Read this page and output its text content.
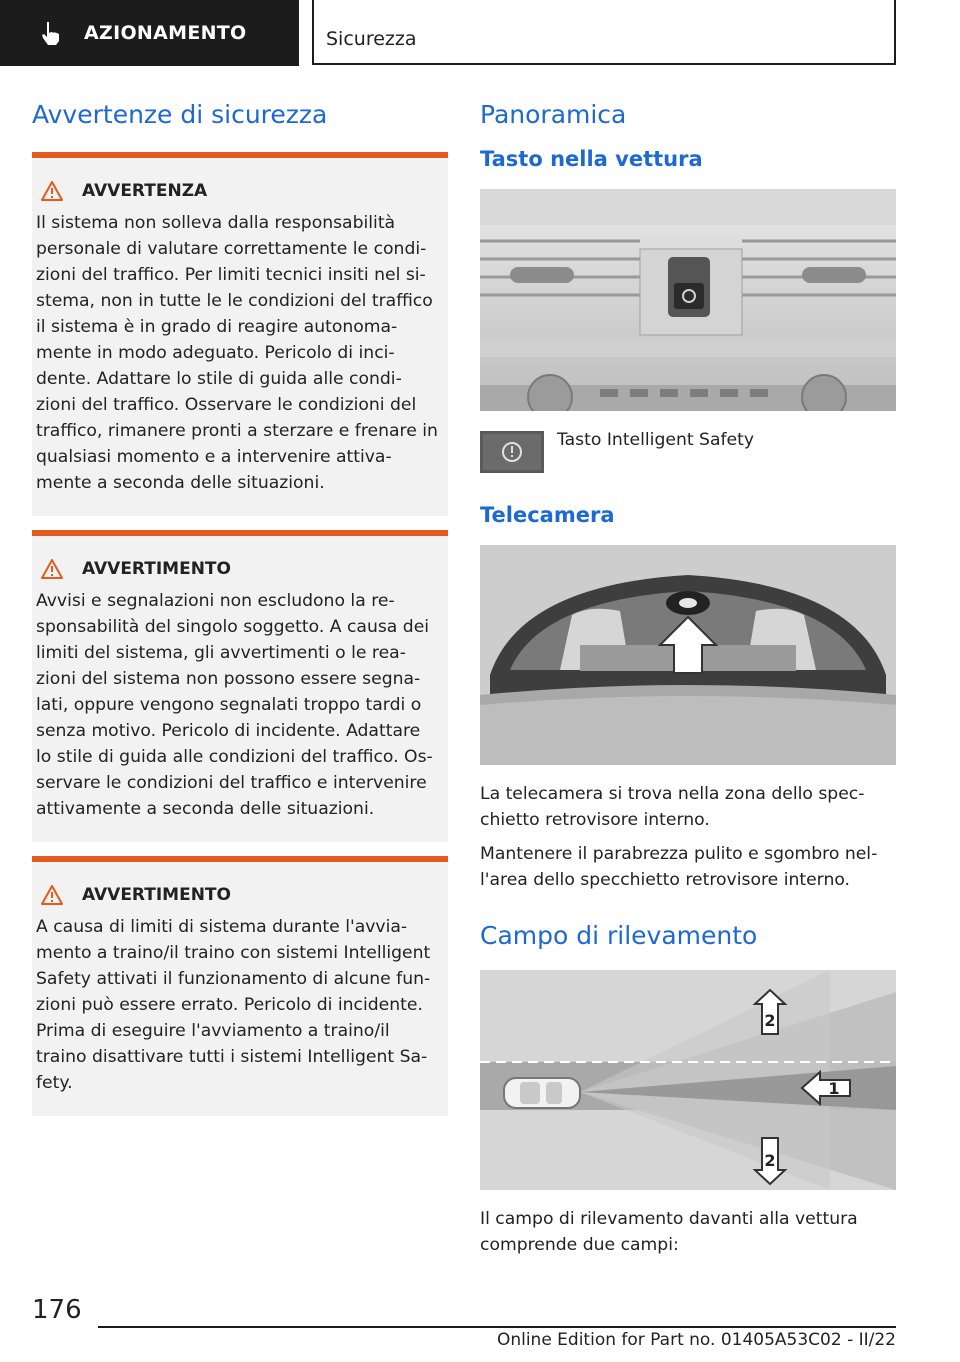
AZIONAMENTO	Sicurezza
Avvertenze di sicurezza
AVVERTENZA

Il sistema non solleva dalla responsabilità personale di valutare correttamente le condi-zioni del traffico. Per limiti tecnici insiti nel si-stema, non in tutte le le condizioni del traffico il sistema è in grado di reagire autonoma-mente in modo adeguato. Pericolo di inci-dente. Adattare lo stile di guida alle condi-zioni del traffico. Osservare le condizioni del traffico, rimanere pronti a sterzare e frenare in qualsiasi momento e a intervenire attiva-mente a seconda delle situazioni.

AVVERTIMENTO

Avvisi e segnalazioni non escludono la re-sponsabilità del singolo soggetto. A causa dei limiti del sistema, gli avvertimenti o le rea-zioni del sistema non possono essere segna-lati, oppure vengono segnalati troppo tardi o senza motivo. Pericolo di incidente. Adattare lo stile di guida alle condizioni del traffico. Os-servare le condizioni del traffico e intervenire attivamente a seconda delle situazioni.

AVVERTIMENTO

A causa di limiti di sistema durante l'avvia-mento a traino/il traino con sistemi Intelligent Safety attivati il funzionamento di alcune fun-zioni può essere errato. Pericolo di incidente. Prima di eseguire l'avviamento a traino/il traino disattivare tutti i sistemi Intelligent Sa-fety.

Panoramica
Tasto nella vettura
Tasto Intelligent Safety
Telecamera

La telecamera si trova nella zona dello spec-chietto retrovisore interno.

Mantenere il parabrezza pulito e sgombro nel-l'area dello specchietto retrovisore interno.

Campo di rilevamento
2
1
2

Il campo di rilevamento davanti alla vettura comprende due campi:

176
Online Edition for Part no. 01405A53C02 - II/22
